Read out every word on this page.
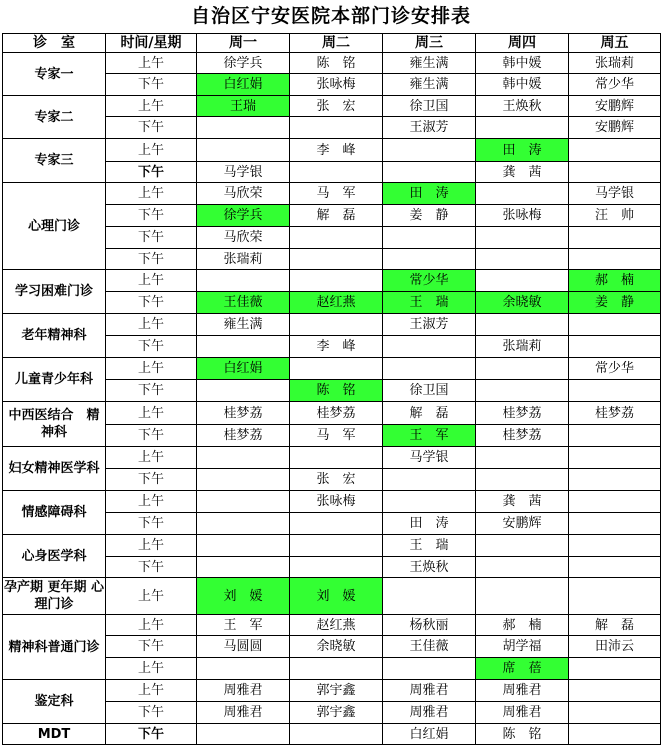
自治区宁安医院本部门诊安排表
诊　室	时间/星期	周一	周二	周三	周四	周五
专家一	上午	徐学兵	陈　铭	雍生满	韩中媛	张瑞莉
	下午	白红娟	张咏梅	雍生满	韩中媛	常少华
专家二	上午	王瑞	张　宏	徐卫国	王焕秋	安鹏辉
	下午			王淑芳		安鹏辉
专家三	上午		李　峰		田　涛	
	下午	马学银			龚　茜	
心理门诊	上午	马欣荣	马　军	田　涛		马学银
	下午	徐学兵	解　磊	姜　静	张咏梅	汪　帅
	下午	马欣荣				
	下午	张瑞莉				
学习困难门诊	上午			常少华		郝　楠
	下午	王佳薇	赵红燕	王　瑞	余晓敏	姜　静
老年精神科	上午	雍生满		王淑芳		
	下午		李　峰		张瑞莉	
儿童青少年科	上午	白红娟				常少华
	下午		陈　铭	徐卫国		
中西医结合　精神科	上午	桂梦荔	桂梦荔	解　磊	桂梦荔	桂梦荔
	下午	桂梦荔	马　军	王　军	桂梦荔	
妇女精神医学科	上午			马学银		
	下午		张　宏			
情感障碍科	上午		张咏梅		龚　茜	
	下午			田　涛	安鹏辉	
心身医学科	上午			王　瑞		
	下午			王焕秋		
孕产期 更年期 心理门诊	上午	刘　媛	刘　媛			
精神科普通门诊	上午	王　军	赵红燕	杨秋丽	郝　楠	解　磊
	下午	马圆圆	余晓敏	王佳薇	胡学福	田沛云
	上午				席　蓓	
鉴定科	上午	周雅君	郭宇鑫	周雅君	周雅君	
	下午	周雅君	郭宇鑫	周雅君	周雅君	
MDT	下午			白红娟	陈　铭	
